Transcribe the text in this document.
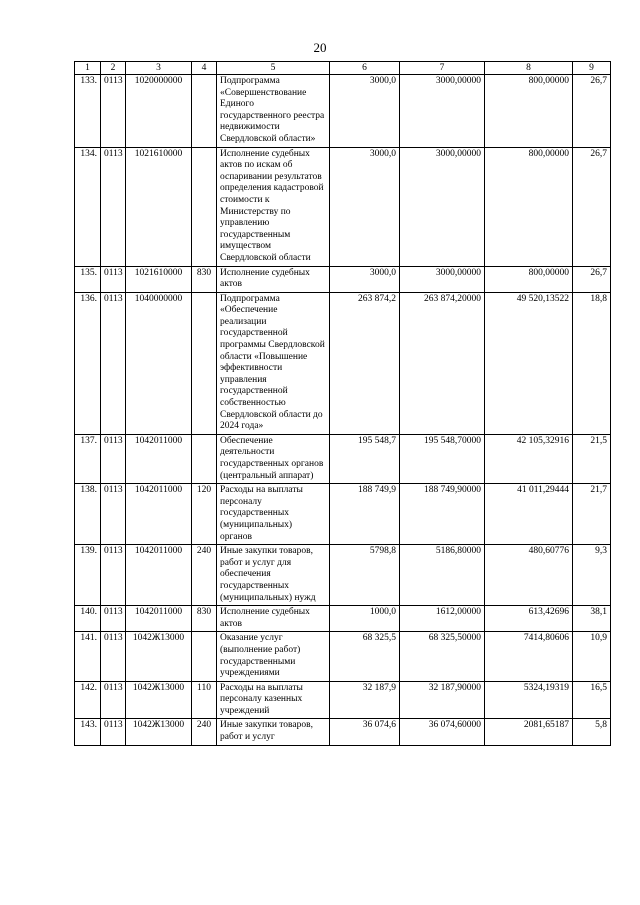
20
1	2	3	4	5	6	7	8	9
133.	0113	1020000000		Подпрограмма «Совершенствование Единого государственного реестра недвижимости Свердловской области»	3000,0	3000,00000	800,00000	26,7
134.	0113	1021610000		Исполнение судебных актов по искам об оспаривании результатов определения кадастровой стоимости к Министерству по управлению государственным имуществом Свердловской области	3000,0	3000,00000	800,00000	26,7
135.	0113	1021610000	830	Исполнение судебных актов	3000,0	3000,00000	800,00000	26,7
136.	0113	1040000000		Подпрограмма «Обеспечение реализации государственной программы Свердловской области «Повышение эффективности управления государственной собственностью Свердловской области до 2024 года»	263 874,2	263 874,20000	49 520,13522	18,8
137.	0113	1042011000		Обеспечение деятельности государственных органов (центральный аппарат)	195 548,7	195 548,70000	42 105,32916	21,5
138.	0113	1042011000	120	Расходы на выплаты персоналу государственных (муниципальных) органов	188 749,9	188 749,90000	41 011,29444	21,7
139.	0113	1042011000	240	Иные закупки товаров, работ и услуг для обеспечения государственных (муниципальных) нужд	5798,8	5186,80000	480,60776	9,3
140.	0113	1042011000	830	Исполнение судебных актов	1000,0	1612,00000	613,42696	38,1
141.	0113	1042Ж13000		Оказание услуг (выполнение работ) государственными учреждениями	68 325,5	68 325,50000	7414,80606	10,9
142.	0113	1042Ж13000	110	Расходы на выплаты персоналу казенных учреждений	32 187,9	32 187,90000	5324,19319	16,5
143.	0113	1042Ж13000	240	Иные закупки товаров, работ и услуг	36 074,6	36 074,60000	2081,65187	5,8
